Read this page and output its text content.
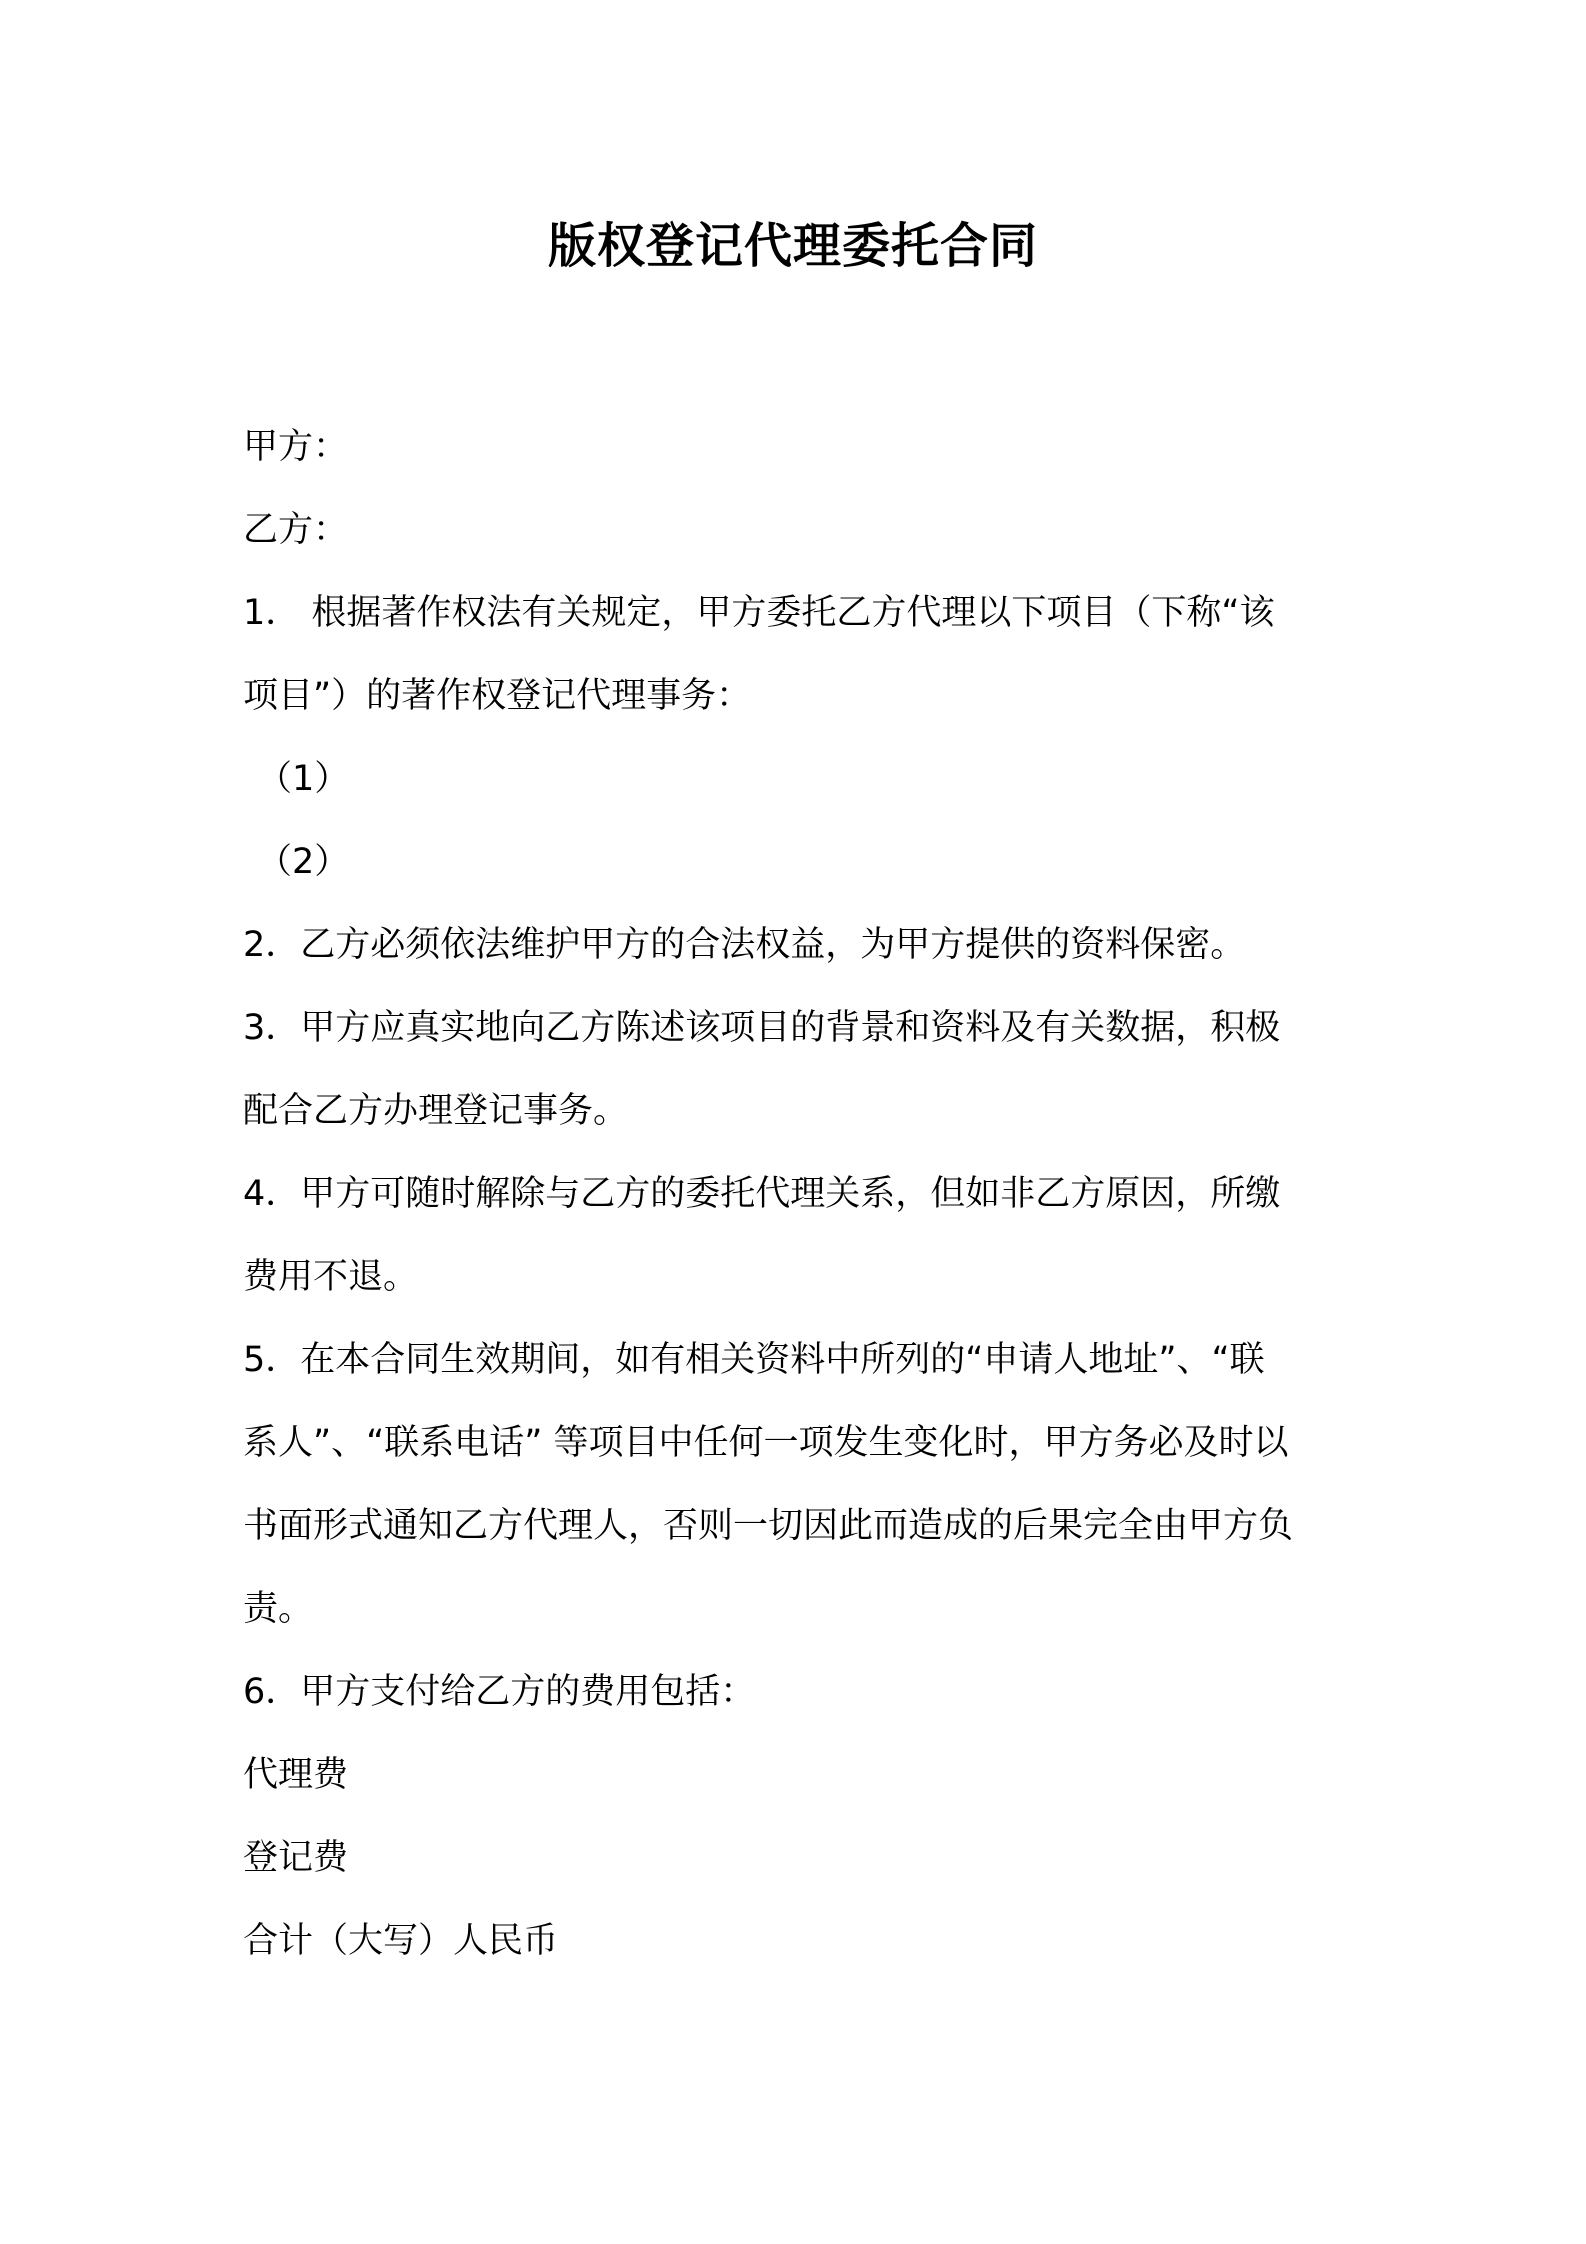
版权登记代理委托合同
甲方：
乙方：
1． 根据著作权法有关规定，甲方委托乙方代理以下项目（下称“该
项目”）的著作权登记代理事务：
（1）
（2）
2．乙方必须依法维护甲方的合法权益，为甲方提供的资料保密。
3．甲方应真实地向乙方陈述该项目的背景和资料及有关数据，积极
配合乙方办理登记事务。
4．甲方可随时解除与乙方的委托代理关系，但如非乙方原因，所缴
费用不退。
5．在本合同生效期间，如有相关资料中所列的“申请人地址”、“联
系人”、“联系电话” 等项目中任何一项发生变化时，甲方务必及时以
书面形式通知乙方代理人，否则一切因此而造成的后果完全由甲方负
责。
6．甲方支付给乙方的费用包括：
代理费
登记费
合计（大写）人民币
